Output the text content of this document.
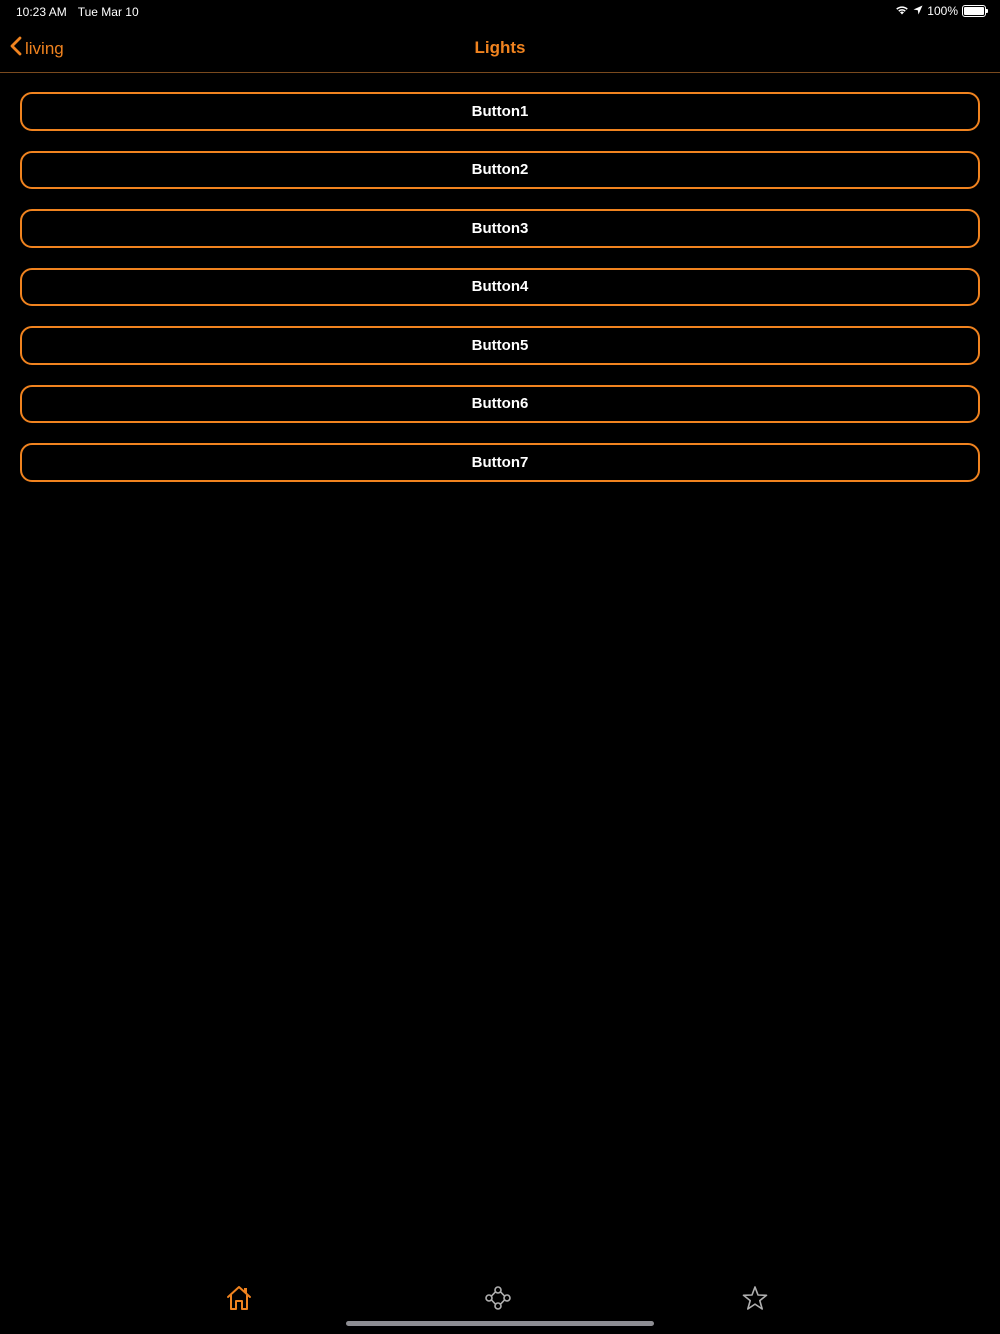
10:23 AM Tue Mar 10	100%
living	Lights
Button1
Button2
Button3
Button4
Button5
Button6
Button7
